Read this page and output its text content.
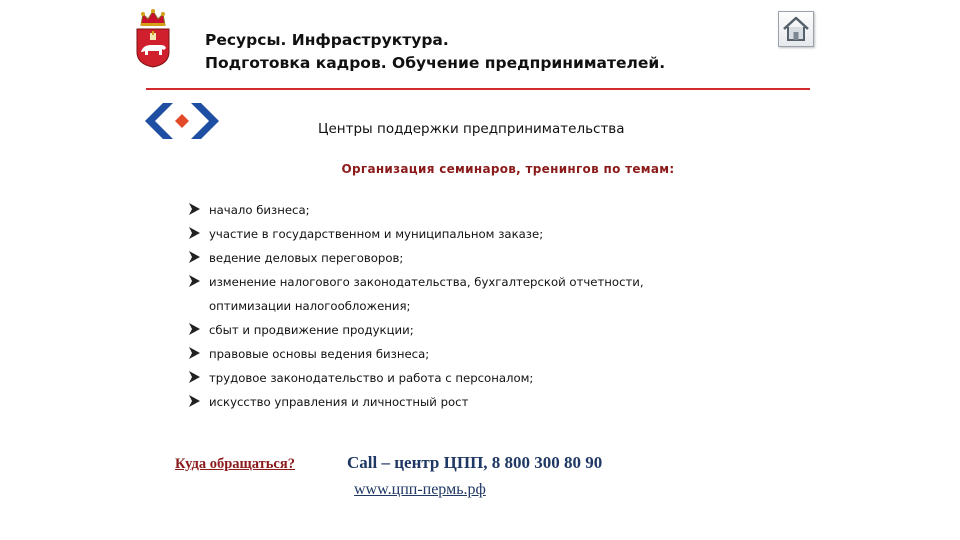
Ресурсы. Инфраструктура.
Подготовка кадров. Обучение предпринимателей.
Центры поддержки предпринимательства
Организация семинаров, тренингов по темам:
начало бизнеса;
участие в государственном и муниципальном заказе;
ведение деловых переговоров;
изменение налогового законодательства, бухгалтерской отчетности,
оптимизации налогообложения;
сбыт и продвижение продукции;
правовые основы ведения бизнеса;
трудовое законодательство и работа с персоналом;
искусство управления и личностный рост
Куда обращаться?	Call – центр ЦПП, 8 800 300 80 90
www.цпп-пермь.рф
